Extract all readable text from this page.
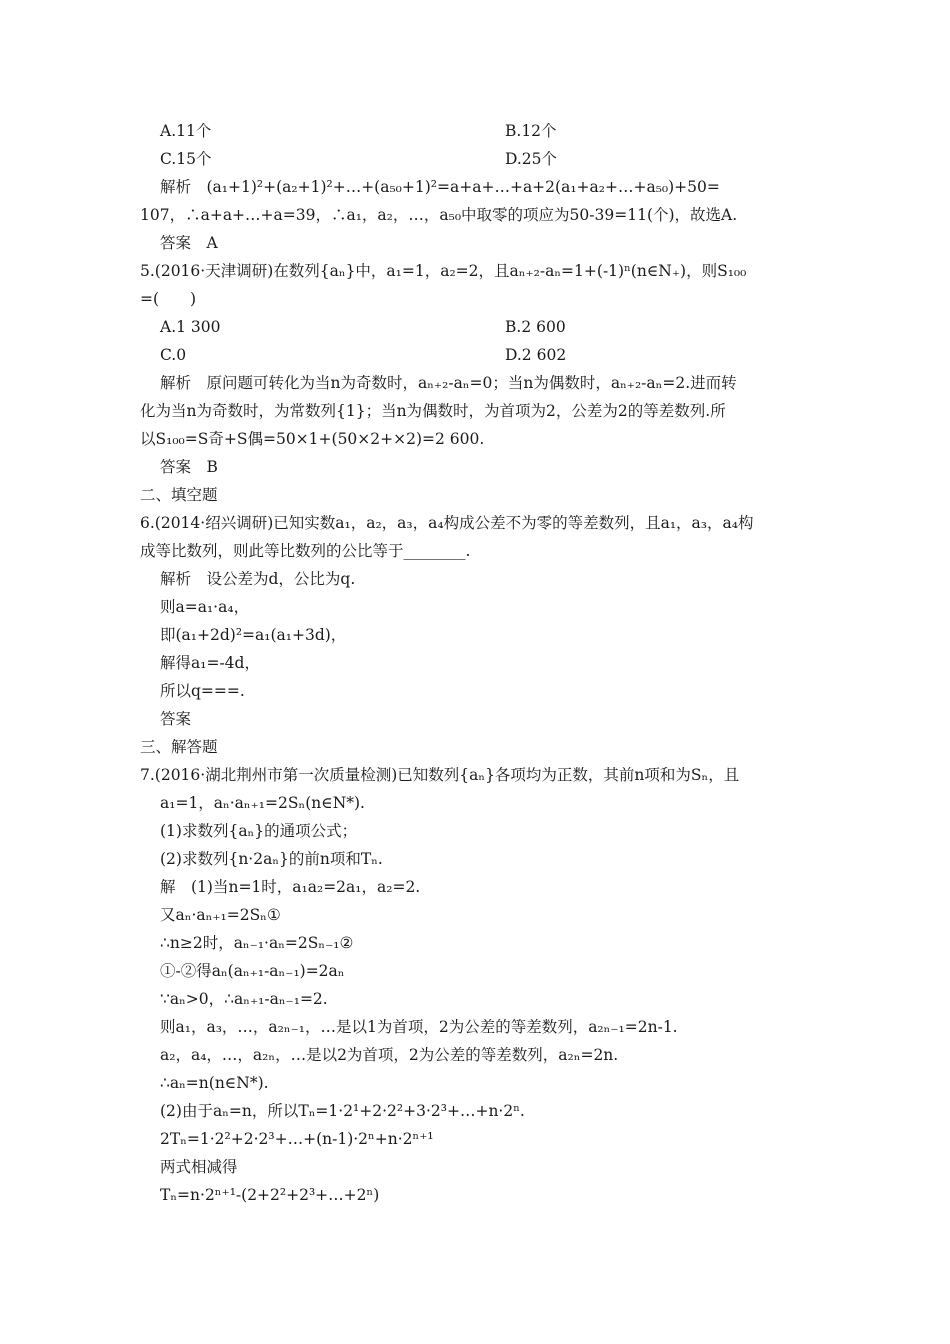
A.11个	B.12个
C.15个	D.25个
解析　(a₁+1)²+(a₂+1)²+…+(a₅₀+1)²=a+a+…+a+2(a₁+a₂+…+a₅₀)+50=
107，∴a+a+…+a=39，∴a₁，a₂，…，a₅₀中取零的项应为50-39=11(个)，故选A.
答案　A
5.(2016·天津调研)在数列{aₙ}中，a₁=1，a₂=2，且aₙ₊₂-aₙ=1+(-1)ⁿ(n∈N₊)，则S₁₀₀
=(　　)
A.1 300	B.2 600
C.0	D.2 602
解析　原问题可转化为当n为奇数时，aₙ₊₂-aₙ=0；当n为偶数时，aₙ₊₂-aₙ=2.进而转
化为当n为奇数时，为常数列{1}；当n为偶数时，为首项为2，公差为2的等差数列.所
以S₁₀₀=S奇+S偶=50×1+(50×2+×2)=2 600.
答案　B
二、填空题
6.(2014·绍兴调研)已知实数a₁，a₂，a₃，a₄构成公差不为零的等差数列，且a₁，a₃，a₄构
成等比数列，则此等比数列的公比等于________.
解析　设公差为d，公比为q.
则a=a₁·a₄，
即(a₁+2d)²=a₁(a₁+3d)，
解得a₁=-4d，
所以q===.
答案
三、解答题
7.(2016·湖北荆州市第一次质量检测)已知数列{aₙ}各项均为正数，其前n项和为Sₙ，且
a₁=1，aₙ·aₙ₊₁=2Sₙ(n∈N*).
(1)求数列{aₙ}的通项公式；
(2)求数列{n·2aₙ}的前n项和Tₙ.
解　(1)当n=1时，a₁a₂=2a₁，a₂=2.
又aₙ·aₙ₊₁=2Sₙ①
∴n≥2时，aₙ₋₁·aₙ=2Sₙ₋₁②
①-②得aₙ(aₙ₊₁-aₙ₋₁)=2aₙ
∵aₙ>0，∴aₙ₊₁-aₙ₋₁=2.
则a₁，a₃，…，a₂ₙ₋₁，…是以1为首项，2为公差的等差数列，a₂ₙ₋₁=2n-1.
a₂，a₄，…，a₂ₙ，…是以2为首项，2为公差的等差数列，a₂ₙ=2n.
∴aₙ=n(n∈N*).
(2)由于aₙ=n，所以Tₙ=1·2¹+2·2²+3·2³+…+n·2ⁿ.
2Tₙ=1·2²+2·2³+…+(n-1)·2ⁿ+n·2ⁿ⁺¹
两式相减得
Tₙ=n·2ⁿ⁺¹-(2+2²+2³+…+2ⁿ)
